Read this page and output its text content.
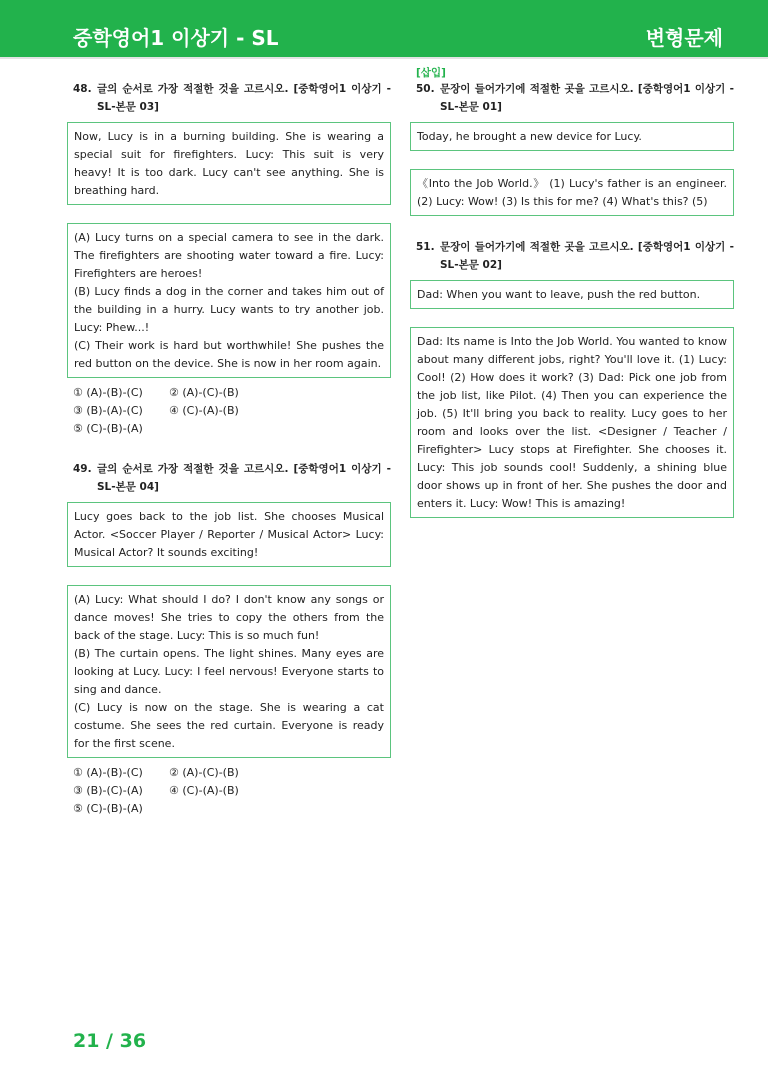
중학영어1 이상기 - SL	변형문제
48. 글의 순서로 가장 적절한 것을 고르시오. [중학영어1 이상기 - SL-본문 03]
Now, Lucy is in a burning building. She is wearing a special suit for firefighters. Lucy: This suit is very heavy! It is too dark. Lucy can't see anything. She is breathing hard.
(A) Lucy turns on a special camera to see in the dark. The firefighters are shooting water toward a fire. Lucy: Firefighters are heroes!
(B) Lucy finds a dog in the corner and takes him out of the building in a hurry. Lucy wants to try another job. Lucy: Phew...!
(C) Their work is hard but worthwhile! She pushes the red button on the device. She is now in her room again.
① (A)-(B)-(C)	② (A)-(C)-(B)
③ (B)-(A)-(C)	④ (C)-(A)-(B)
⑤ (C)-(B)-(A)
49. 글의 순서로 가장 적절한 것을 고르시오. [중학영어1 이상기 - SL-본문 04]
Lucy goes back to the job list. She chooses Musical Actor. <Soccer Player / Reporter / Musical Actor> Lucy: Musical Actor? It sounds exciting!
(A) Lucy: What should I do? I don't know any songs or dance moves! She tries to copy the others from the back of the stage. Lucy: This is so much fun!
(B) The curtain opens. The light shines. Many eyes are looking at Lucy. Lucy: I feel nervous! Everyone starts to sing and dance.
(C) Lucy is now on the stage. She is wearing a cat costume. She sees the red curtain. Everyone is ready for the first scene.
① (A)-(B)-(C)	② (A)-(C)-(B)
③ (B)-(C)-(A)	④ (C)-(A)-(B)
⑤ (C)-(B)-(A)
[삽입]
50. 문장이 들어가기에 적절한 곳을 고르시오. [중학영어1 이상기 - SL-본문 01]
Today, he brought a new device for Lucy.
《Into the Job World.》 (1) Lucy's father is an engineer. (2) Lucy: Wow! (3) Is this for me? (4) What's this? (5)
51. 문장이 들어가기에 적절한 곳을 고르시오. [중학영어1 이상기 - SL-본문 02]
Dad: When you want to leave, push the red button.
Dad: Its name is Into the Job World. You wanted to know about many different jobs, right? You'll love it. (1) Lucy: Cool! (2) How does it work? (3) Dad: Pick one job from the job list, like Pilot. (4) Then you can experience the job. (5) It'll bring you back to reality. Lucy goes to her room and looks over the list. <Designer / Teacher / Firefighter> Lucy stops at Firefighter. She chooses it. Lucy: This job sounds cool! Suddenly, a shining blue door shows up in front of her. She pushes the door and enters it. Lucy: Wow! This is amazing!
21 / 36
